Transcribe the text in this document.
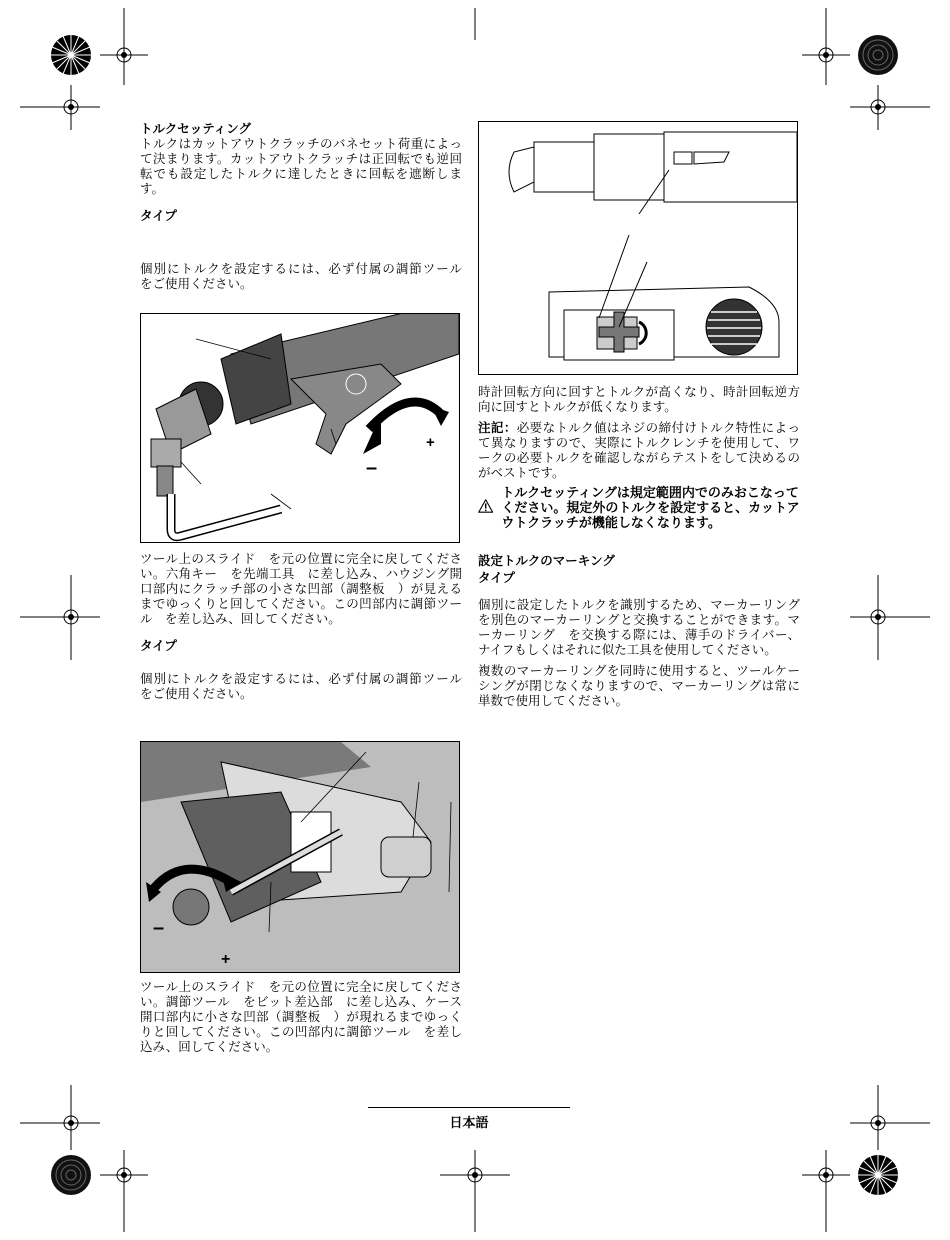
トルクセッティング

トルクはカットアウトクラッチのバネセット荷重によって決まります。カットアウトクラッチは正回転でも逆回転でも設定したトルクに達したときに回転を遮断します。

タイプ

個別にトルクを設定するには、必ず付属の調節ツール　をご使用ください。

+
–

ツール上のスライド　を元の位置に完全に戻してください。六角キー　を先端工具　に差し込み、ハウジング開口部内にクラッチ部の小さな凹部（調整板　）が見えるまでゆっくりと回してください。この凹部内に調節ツール　を差し込み、回してください。

タイプ

個別にトルクを設定するには、必ず付属の調節ツール　をご使用ください。

–
+

ツール上のスライド　を元の位置に完全に戻してください。調節ツール　をビット差込部　に差し込み、ケース開口部内に小さな凹部（調整板　）が現れるまでゆっくりと回してください。この凹部内に調節ツール　を差し込み、回してください。

時計回転方向に回すとトルクが高くなり、時計回転逆方向に回すとトルクが低くなります。

注記：必要なトルク値はネジの締付けトルク特性によって異なりますので、実際にトルクレンチを使用して、ワークの必要トルクを確認しながらテストをして決めるのがベストです。

トルクセッティングは規定範囲内でのみおこなってください。規定外のトルクを設定すると、カットアウトクラッチが機能しなくなります。

設定トルクのマーキング

タイプ

個別に設定したトルクを識別するため、マーカーリング　を別色のマーカーリングと交換することができます。マーカーリング　を交換する際には、薄手のドライバー、ナイフもしくはそれに似た工具を使用してください。

複数のマーカーリングを同時に使用すると、ツールケーシングが閉じなくなりますので、マーカーリングは常に単数で使用してください。

日本語
